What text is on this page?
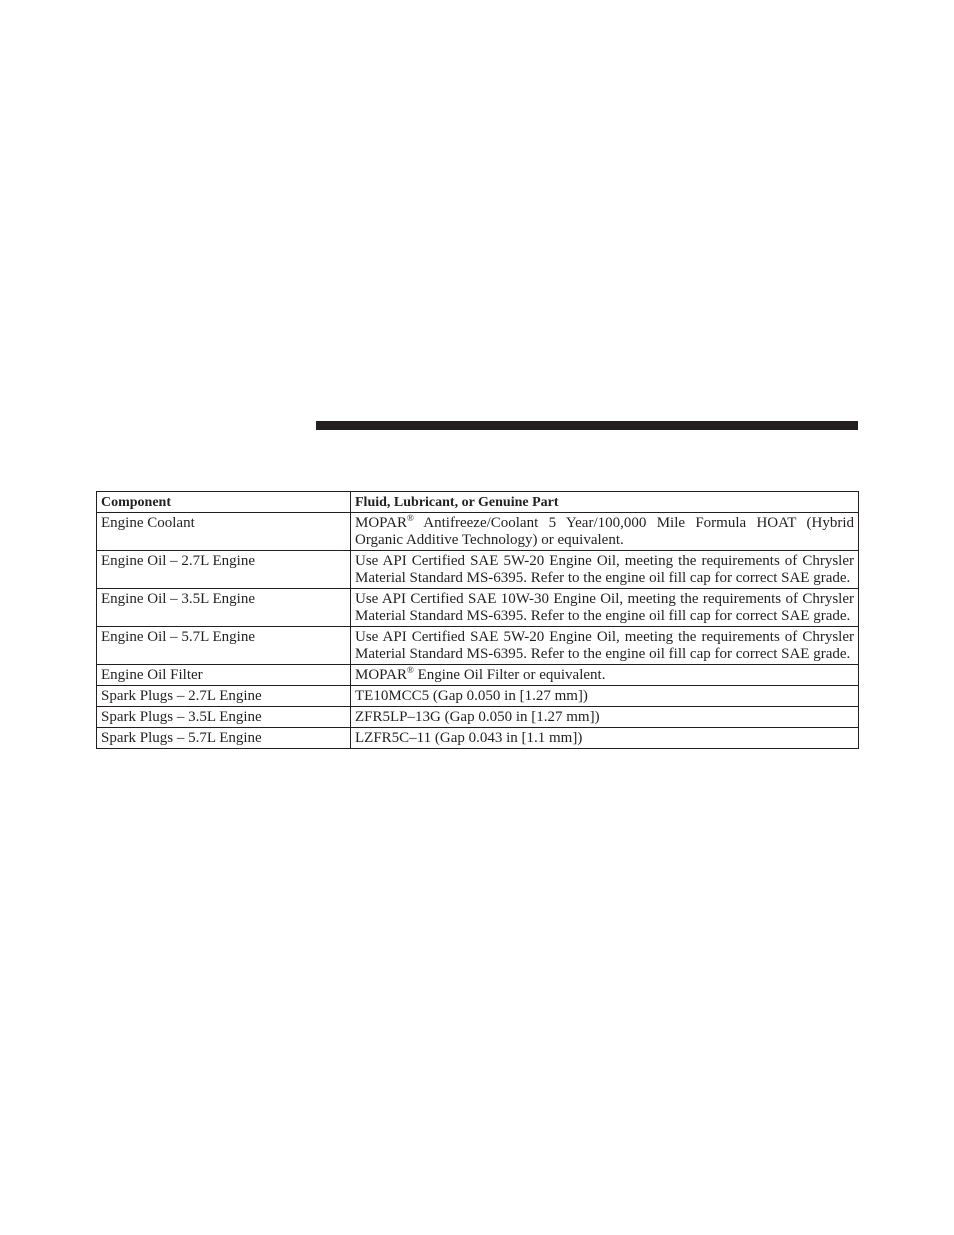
Component	Fluid, Lubricant, or Genuine Part
Engine Coolant	MOPAR® Antifreeze/Coolant 5 Year/100,000 Mile Formula HOAT (Hybrid Organic Additive Technology) or equivalent.
Engine Oil – 2.7L Engine	Use API Certified SAE 5W-20 Engine Oil, meeting the requirements of Chrysler Material Standard MS-6395. Refer to the engine oil fill cap for correct SAE grade.
Engine Oil – 3.5L Engine	Use API Certified SAE 10W-30 Engine Oil, meeting the requirements of Chrysler Material Standard MS-6395. Refer to the engine oil fill cap for correct SAE grade.
Engine Oil – 5.7L Engine	Use API Certified SAE 5W-20 Engine Oil, meeting the requirements of Chrysler Material Standard MS-6395. Refer to the engine oil fill cap for correct SAE grade.
Engine Oil Filter	MOPAR® Engine Oil Filter or equivalent.
Spark Plugs – 2.7L Engine	TE10MCC5 (Gap 0.050 in [1.27 mm])
Spark Plugs – 3.5L Engine	ZFR5LP–13G (Gap 0.050 in [1.27 mm])
Spark Plugs – 5.7L Engine	LZFR5C–11 (Gap 0.043 in [1.1 mm])
